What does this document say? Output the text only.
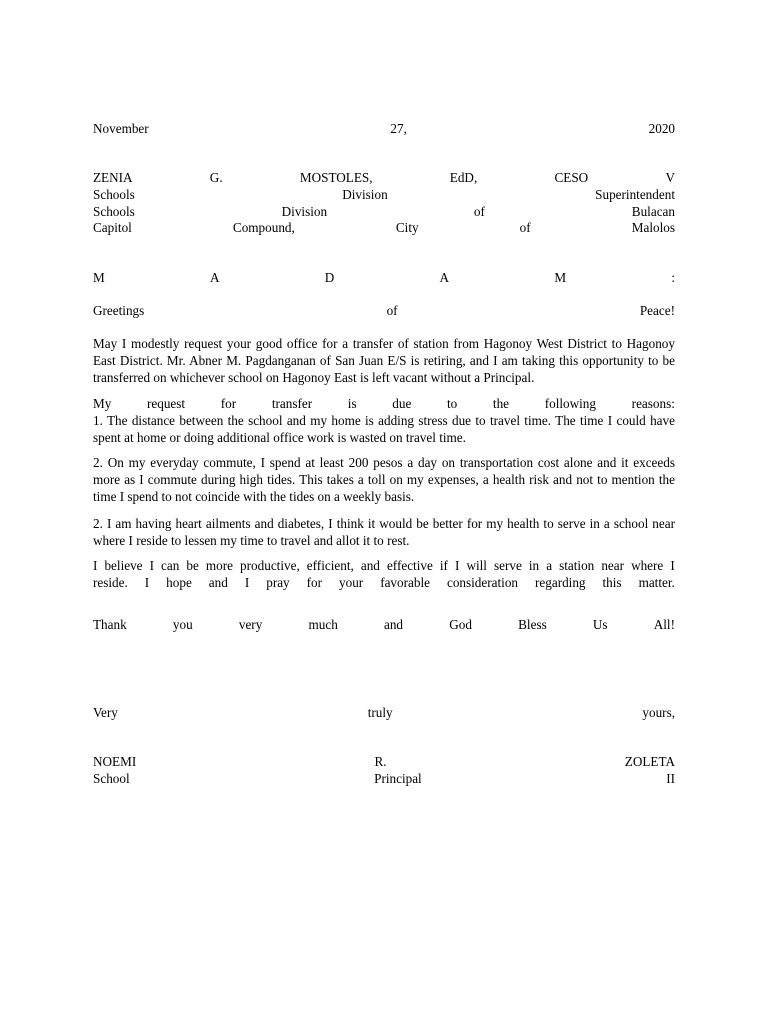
November	27,	2020
ZENIA	G.	MOSTOLES,	EdD,	CESO	V
Schools	Division	Superintendent
Schools	Division	of	Bulacan
Capitol	Compound,	City	of	Malolos
M	A	D	A	M	:
Greetings	of	Peace!
May I modestly request your good office for a transfer of station from Hagonoy West District to Hagonoy East District. Mr. Abner M. Pagdanganan of San Juan E/S is retiring, and I am taking this opportunity to be transferred on whichever school on Hagonoy East is left vacant without a Principal.
My	request	for	transfer	is	due	to	the	following	reasons:
1. The distance between the school and my home is adding stress due to travel time. The time I could have spent at home or doing additional office work is wasted on travel time.
2. On my everyday commute, I spend at least 200 pesos a day on transportation cost alone and it exceeds more as I commute during high tides. This takes a toll on my expenses, a health risk and not to mention the time I spend to not coincide with the tides on a weekly basis.
2. I am having heart ailments and diabetes, I think it would be better for my health to serve in a school near where I reside to lessen my time to travel and allot it to rest.
I believe I can be more productive, efficient, and effective if I will serve in a station near where I
reside. I hope and I pray for your favorable consideration regarding this matter.
Thank	you	very	much	and	God	Bless	Us	All!
Very	truly	yours,
NOEMI	R.	ZOLETA
School	Principal	II
